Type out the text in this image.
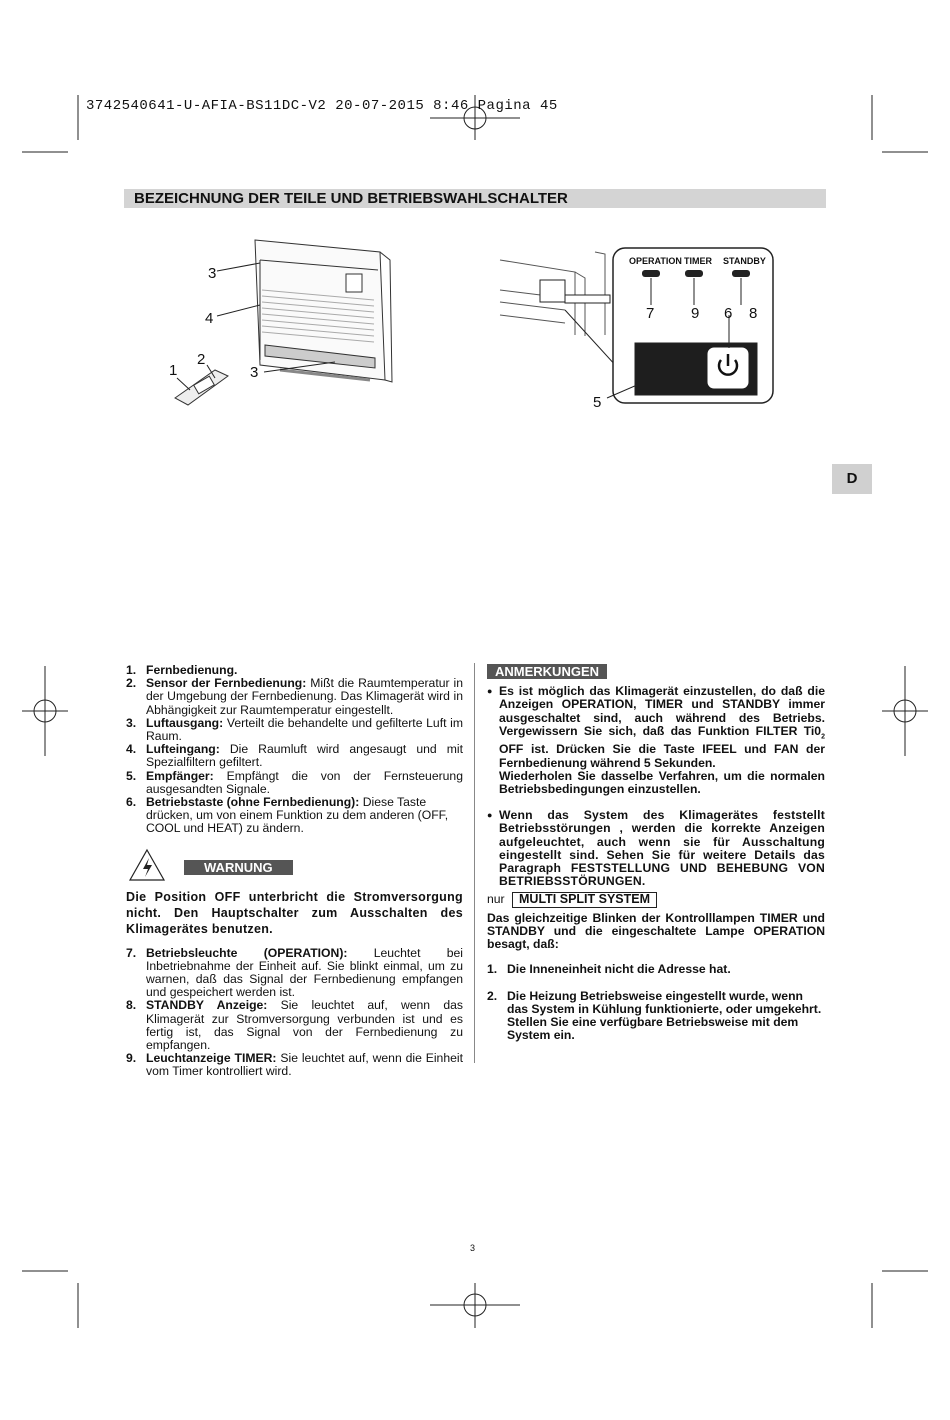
3742540641-U-AFIA-BS11DC-V2 20-07-2015 8:46 Pagina 45
BEZEICHNUNG DER TEILE UND BETRIEBSWAHLSCHALTER
3
4
3
1
2
OPERATION TIMER STANDBY
7 9 6 8
5
D
1. Fernbedienung.
2. Sensor der Fernbedienung: Mißt die Raumtemperatur in der Umgebung der Fernbedienung. Das Klimagerät wird in Abhängigkeit zur Raumtemperatur eingestellt.
3. Luftausgang: Verteilt die behandelte und gefilterte Luft im Raum.
4. Lufteingang: Die Raumluft wird angesaugt und mit Spezialfiltern gefiltert.
5. Empfänger: Empfängt die von der Fernsteuerung ausgesandten Signale.
6. Betriebstaste (ohne Fernbedienung): Diese Taste drücken, um von einem Funktion zu dem anderen (OFF, COOL und HEAT) zu ändern.
WARNUNG
Die Position OFF unterbricht die Stromversorgung nicht. Den Hauptschalter zum Ausschalten des Klimagerätes benutzen.
7. Betriebsleuchte (OPERATION): Leuchtet bei Inbetriebnahme der Einheit auf. Sie blinkt einmal, um zu warnen, daß das Signal der Fernbedienung empfangen und gespeichert werden ist.
8. STANDBY Anzeige: Sie leuchtet auf, wenn das Klimagerät zur Stromversorgung verbunden ist und es fertig ist, das Signal von der Fernbedienung zu empfangen.
9. Leuchtanzeige TIMER: Sie leuchtet auf, wenn die Einheit vom Timer kontrolliert wird.
ANMERKUNGEN
● Es ist möglich das Klimagerät einzustellen, do daß die Anzeigen OPERATION, TIMER und STANDBY immer ausgeschaltet sind, auch während des Betriebs. Vergewissern Sie sich, daß das Funktion FILTER $Ti0_2$ OFF ist. Drücken Sie die Taste IFEEL und FAN der Fernbedienung während 5 Sekunden.
Wiederholen Sie dasselbe Verfahren, um die normalen Betriebsbedingungen einzustellen.
● Wenn das System des Klimagerätes feststellt Betriebsstörungen , werden die korrekte Anzeigen aufgeleuchtet, auch wenn sie für Ausschaltung eingestellt sind. Sehen Sie für weitere Details das Paragraph FESTSTELLUNG UND BEHEBUNG VON BETRIEBSSTÖRUNGEN.
nur MULTI SPLIT SYSTEM
Das gleichzeitige Blinken der Kontrolllampen TIMER und STANDBY und die eingeschaltete Lampe OPERATION besagt, daß:
1. Die Inneneinheit nicht die Adresse hat.
2. Die Heizung Betriebsweise eingestellt wurde, wenn das System in Kühlung funktionierte, oder umgekehrt.
Stellen Sie eine verfügbare Betriebsweise mit dem System ein.
3
